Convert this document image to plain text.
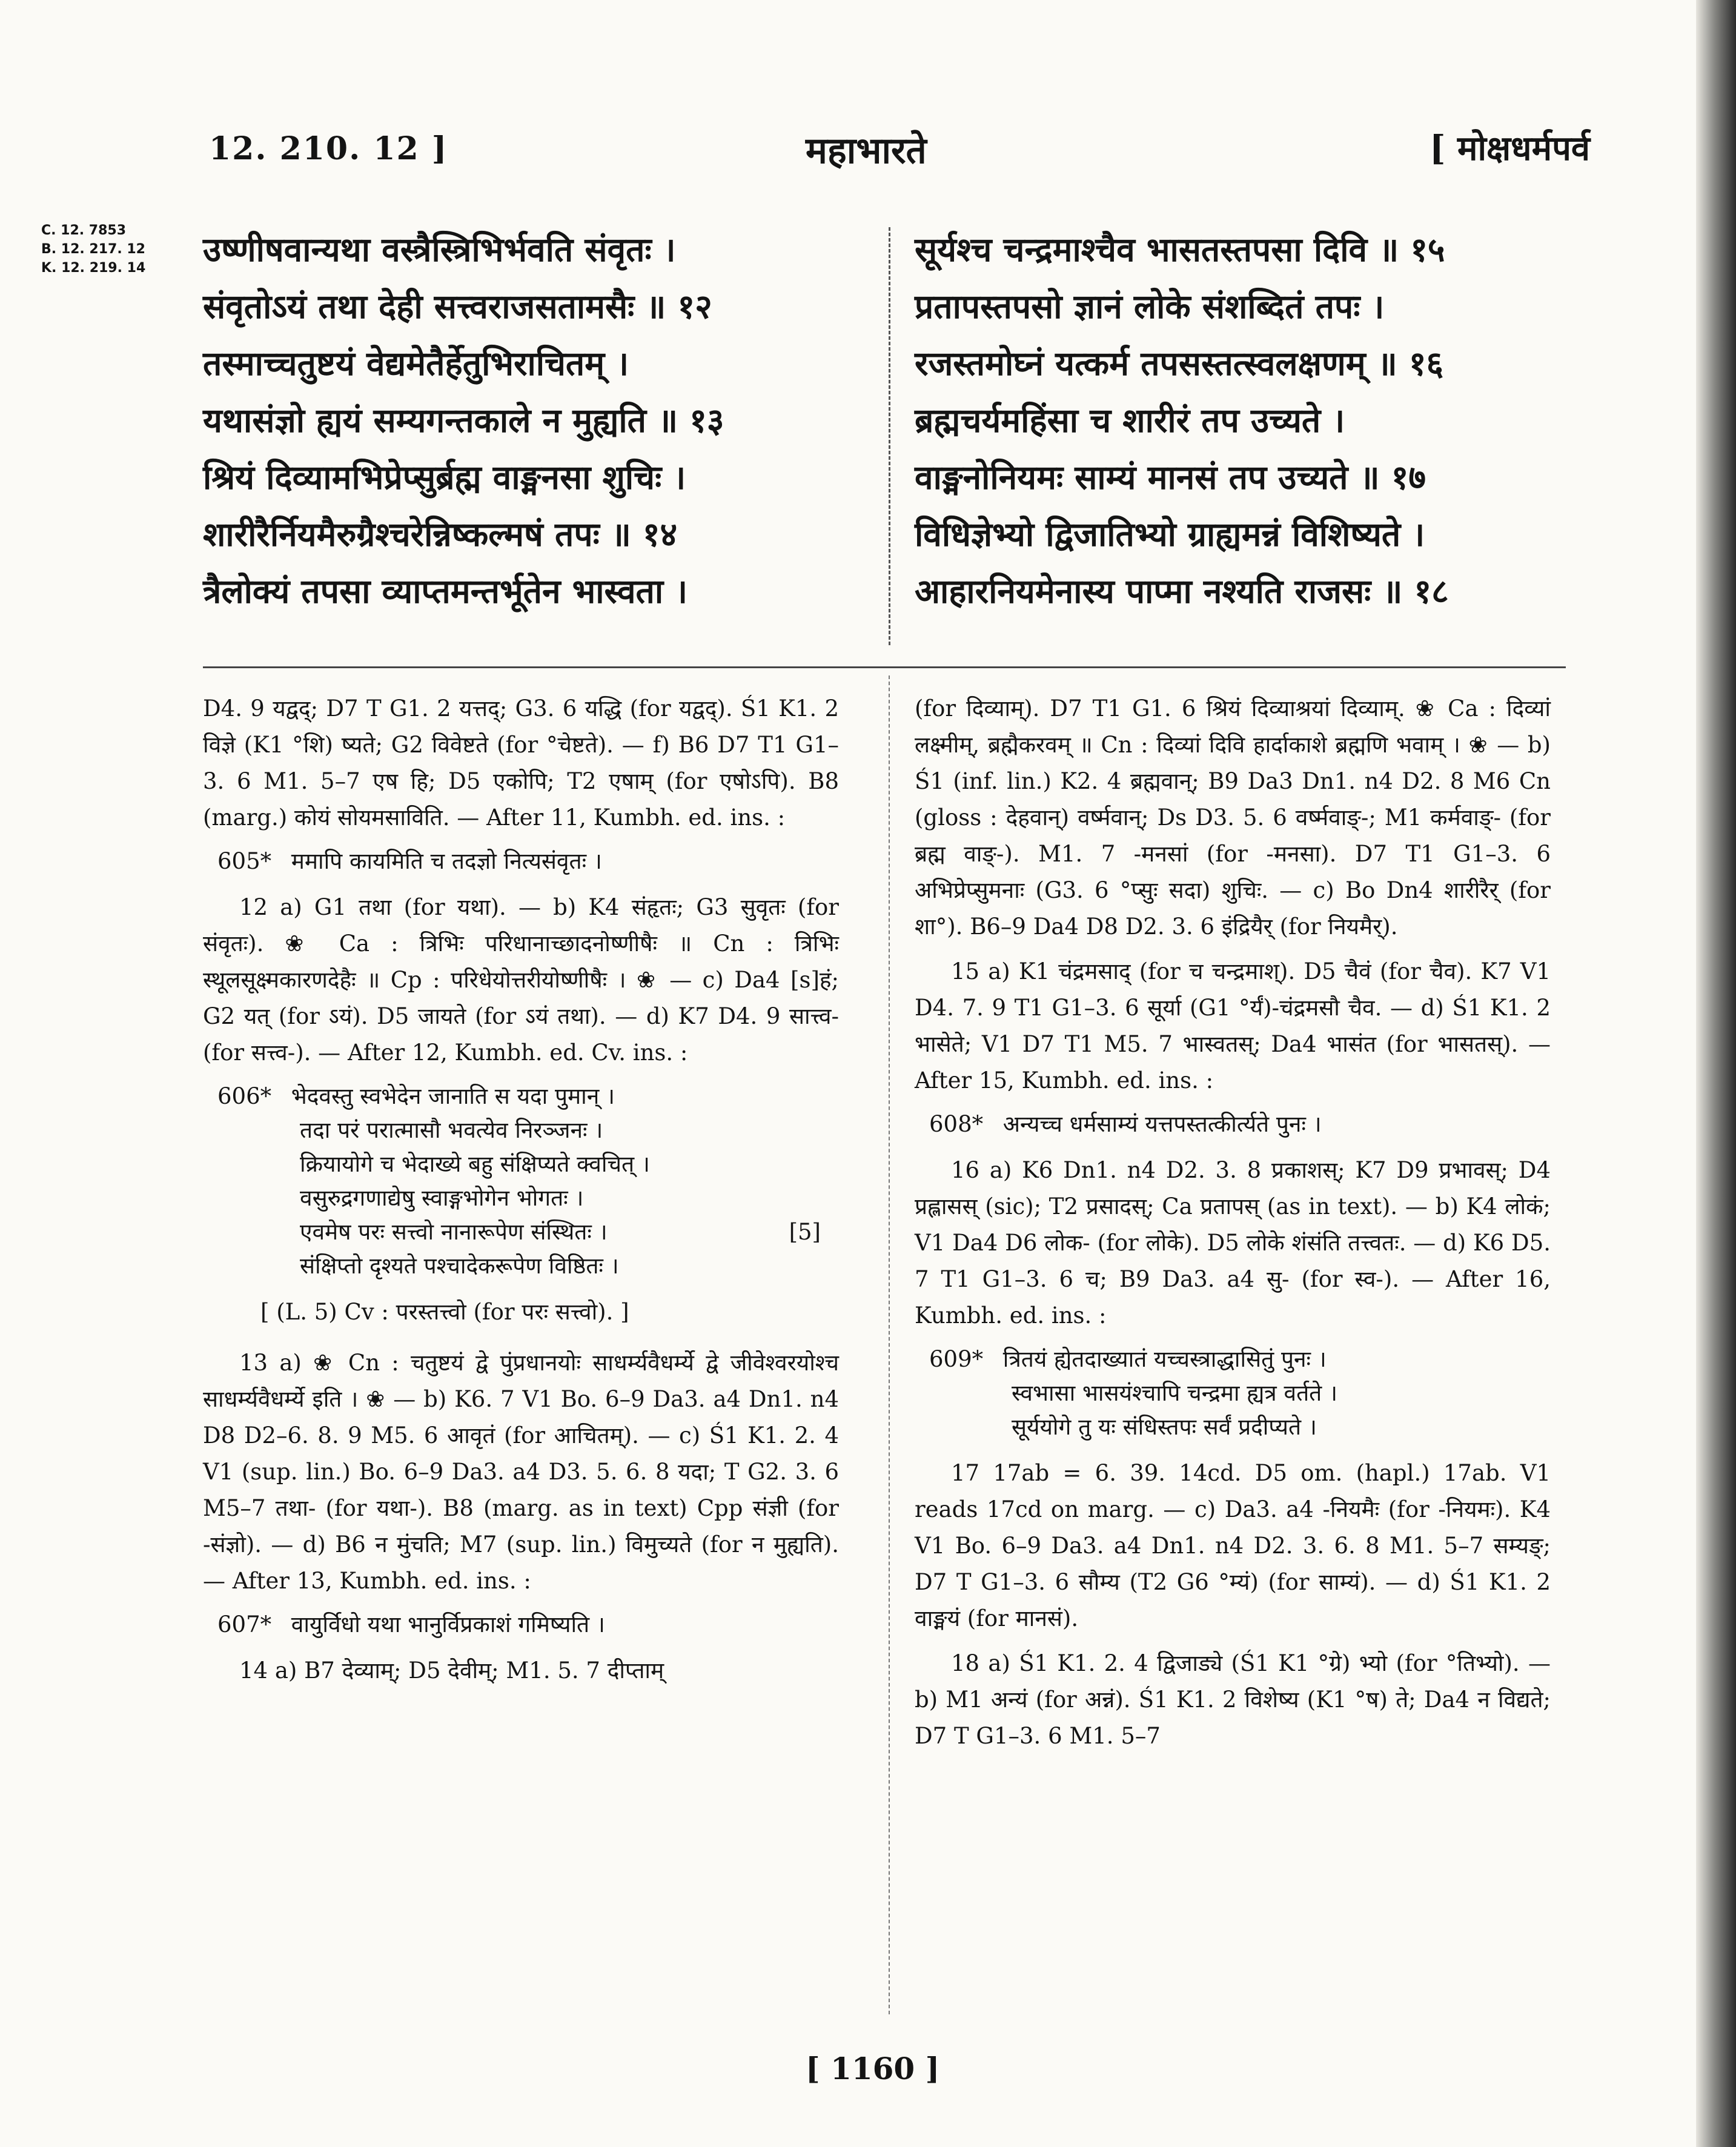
12. 210. 12 ]	महाभारते	[ मोक्षधर्मपर्व
C. 12. 7853
B. 12. 217. 12
K. 12. 219. 14	उष्णीषवान्यथा वस्त्रैस्त्रिभिर्भवति संवृतः ।
संवृतोऽयं तथा देही सत्त्वराजसतामसैः ॥ १२
तस्माच्चतुष्टयं वेद्यमेतैर्हेतुभिराचितम् ।
यथासंज्ञो ह्ययं सम्यगन्तकाले न मुह्यति ॥ १३
श्रियं दिव्यामभिप्रेप्सुर्ब्रह्म वाङ्मनसा शुचिः ।
शारीरैर्नियमैरुग्रैश्चरेन्निष्कल्मषं तपः ॥ १४
त्रैलोक्यं तपसा व्याप्तमन्तर्भूतेन भास्वता ।
सूर्यश्च चन्द्रमाश्चैव भासतस्तपसा दिवि ॥ १५
प्रतापस्तपसो ज्ञानं लोके संशब्दितं तपः ।
रजस्तमोघ्नं यत्कर्म तपसस्तत्स्वलक्षणम् ॥ १६
ब्रह्मचर्यमहिंसा च शारीरं तप उच्यते ।
वाङ्मनोनियमः साम्यं मानसं तप उच्यते ॥ १७
विधिज्ञेभ्यो द्विजातिभ्यो ग्राह्यमन्नं विशिष्यते ।
आहारनियमेनास्य पाप्मा नश्यति राजसः ॥ १८

D4. 9 यद्वद्; D7 T G1. 2 यत्तद्; G3. 6 यद्धि (for यद्वद्). Ś1 K1. 2 विज्ञे (K1 °शि) ष्यते; G2 विवेष्टते (for °चेष्टते). — f) B6 D7 T1 G1–3. 6 M1. 5–7 एष हि; D5 एकोपि; T2 एषाम् (for एषोऽपि). B8 (marg.) कोयं सोयमसाविति. — After 11, Kumbh. ed. ins. :

605* ममापि कायमिति च तदज्ञो नित्यसंवृतः ।

12 a) G1 तथा (for यथा). — b) K4 संहृतः; G3 सुवृतः (for संवृतः). ❀ Ca : त्रिभिः परिधानाच्छादनोष्णीषैः ॥ Cn : त्रिभिः स्थूलसूक्ष्मकारणदेहैः ॥ Cp : परिधेयोत्तरीयोष्णीषैः । ❀ — c) Da4 [s]हं; G2 यत् (for ऽयं). D5 जायते (for ऽयं तथा). — d) K7 D4. 9 सात्त्व- (for सत्त्व-). — After 12, Kumbh. ed. Cv. ins. :

606* भेदवस्तु स्वभेदेन जानाति स यदा पुमान् ।
तदा परं परात्मासौ भवत्येव निरञ्जनः ।
क्रियायोगे च भेदाख्ये बहु संक्षिप्यते क्वचित् ।
वसुरुद्रगणाद्येषु स्वाङ्गभोगेन भोगतः ।
एवमेष परः सत्त्वो नानारूपेण संस्थितः ।	[5]
संक्षिप्तो दृश्यते पश्चादेकरूपेण विष्ठितः ।
[ (L. 5) Cv : परस्तत्त्वो (for परः सत्त्वो). ]

13 a) ❀ Cn : चतुष्टयं द्वे पुंप्रधानयोः साधर्म्यवैधर्म्ये द्वे जीवेश्वरयोश्च साधर्म्यवैधर्म्ये इति । ❀ — b) K6. 7 V1 Bo. 6–9 Da3. a4 Dn1. n4 D8 D2–6. 8. 9 M5. 6 आवृतं (for आचितम्). — c) Ś1 K1. 2. 4 V1 (sup. lin.) Bo. 6–9 Da3. a4 D3. 5. 6. 8 यदा; T G2. 3. 6 M5–7 तथा- (for यथा-). B8 (marg. as in text) Cpp संज्ञी (for -संज्ञो). — d) B6 न मुंचति; M7 (sup. lin.) विमुच्यते (for न मुह्यति). — After 13, Kumbh. ed. ins. :

607* वायुर्विधो यथा भानुर्विप्रकाशं गमिष्यति ।

14 a) B7 देव्याम्; D5 देवीम्; M1. 5. 7 दीप्ताम्

(for दिव्याम्). D7 T1 G1. 6 श्रियं दिव्याश्रयां दिव्याम्. ❀ Ca : दिव्यां लक्ष्मीम्, ब्रह्मैकरवम् ॥ Cn : दिव्यां दिवि हार्दाकाशे ब्रह्मणि भवाम् । ❀ — b) Ś1 (inf. lin.) K2. 4 ब्रह्मवान्; B9 Da3 Dn1. n4 D2. 8 M6 Cn (gloss : देहवान्) वर्ष्मवान्; Ds D3. 5. 6 वर्ष्मवाङ्-; M1 कर्मवाङ्- (for ब्रह्म वाङ्-). M1. 7 -मनसां (for -मनसा). D7 T1 G1–3. 6 अभिप्रेप्सुमनाः (G3. 6 °प्सुः सदा) शुचिः. — c) Bo Dn4 शारीरैर् (for शा°). B6–9 Da4 D8 D2. 3. 6 इंद्रियैर् (for नियमैर्).

15 a) K1 चंद्रमसाद् (for च चन्द्रमाश्). D5 चैवं (for चैव). K7 V1 D4. 7. 9 T1 G1–3. 6 सूर्या (G1 °र्यं)-चंद्रमसौ चैव. — d) Ś1 K1. 2 भासेते; V1 D7 T1 M5. 7 भास्वतस्; Da4 भासंत (for भासतस्). — After 15, Kumbh. ed. ins. :

608* अन्यच्च धर्मसाम्यं यत्तपस्तत्कीर्त्यते पुनः ।

16 a) K6 Dn1. n4 D2. 3. 8 प्रकाशस्; K7 D9 प्रभावस्; D4 प्रह्लासस् (sic); T2 प्रसादस्; Ca प्रतापस् (as in text). — b) K4 लोकं; V1 Da4 D6 लोक- (for लोके). D5 लोके शंसंति तत्त्वतः. — d) K6 D5. 7 T1 G1–3. 6 च; B9 Da3. a4 सु- (for स्व-). — After 16, Kumbh. ed. ins. :

609* त्रितयं ह्येतदाख्यातं यच्चस्त्राद्धासितुं पुनः ।
स्वभासा भासयंश्चापि चन्द्रमा ह्यत्र वर्तते ।
सूर्ययोगे तु यः संधिस्तपः सर्वं प्रदीप्यते ।

17 17ab = 6. 39. 14cd. D5 om. (hapl.) 17ab. V1 reads 17cd on marg. — c) Da3. a4 -नियमैः (for -नियमः). K4 V1 Bo. 6–9 Da3. a4 Dn1. n4 D2. 3. 6. 8 M1. 5–7 सम्यङ्; D7 T G1–3. 6 सौम्य (T2 G6 °म्यं) (for साम्यं). — d) Ś1 K1. 2 वाङ्मयं (for मानसं).

18 a) Ś1 K1. 2. 4 द्विजाड्ये (Ś1 K1 °ग्रे) भ्यो (for °तिभ्यो). — b) M1 अन्यं (for अन्नं). Ś1 K1. 2 विशेष्य (K1 °ष) ते; Da4 न विद्यते; D7 T G1–3. 6 M1. 5–7

[ 1160 ]
